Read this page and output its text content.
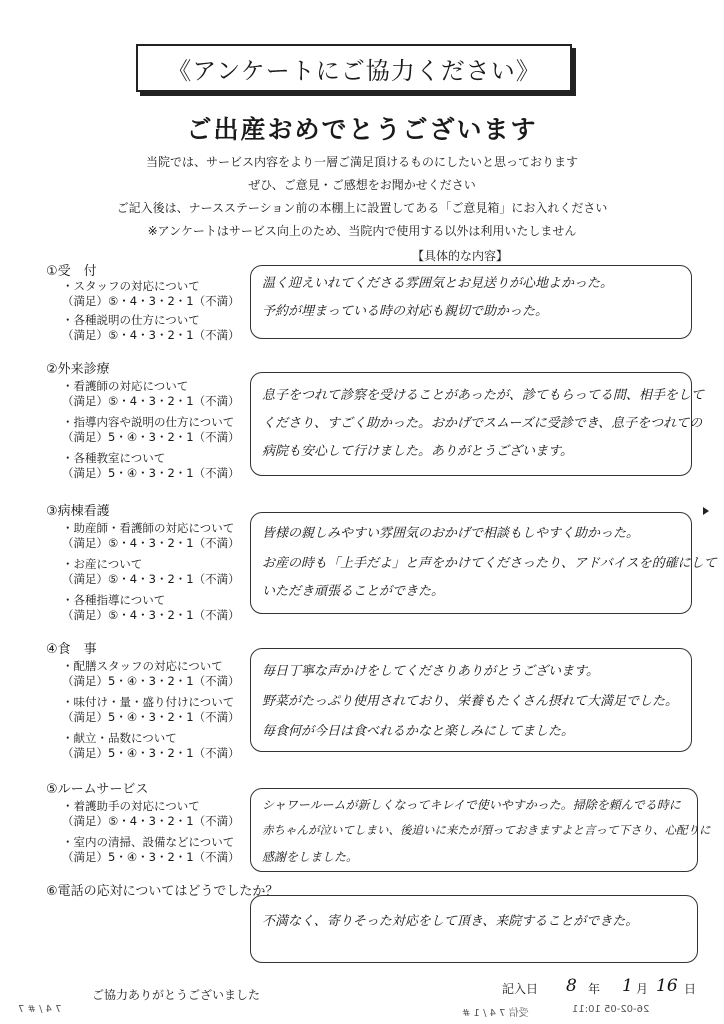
《アンケートにご協力ください》
ご出産おめでとうございます
当院では、サービス内容をより一層ご満足頂けるものにしたいと思っております
ぜひ、ご意見・ご感想をお聞かせください
ご記入後は、ナースステーション前の本棚上に設置してある「ご意見箱」にお入れください
※アンケートはサービス向上のため、当院内で使用する以外は利用いたしません
【具体的な内容】
①受　付
・スタッフの対応について
（満足）⑤・4・3・2・1（不満）
・各種説明の仕方について
（満足）⑤・4・3・2・1（不満）
温く迎えいれてくださる雰囲気とお見送りが心地よかった。
予約が埋まっている時の対応も親切で助かった。
②外来診療
・看護師の対応について
（満足）⑤・4・3・2・1（不満）
・指導内容や説明の仕方について
（満足）5・④・3・2・1（不満）
・各種教室について
（満足）5・④・3・2・1（不満）
息子をつれて診察を受けることがあったが、診てもらってる間、相手をして
くださり、すごく助かった。おかげでスムーズに受診でき、息子をつれての
病院も安心して行けました。ありがとうございます。
③病棟看護
・助産師・看護師の対応について
（満足）⑤・4・3・2・1（不満）
・お産について
（満足）⑤・4・3・2・1（不満）
・各種指導について
（満足）⑤・4・3・2・1（不満）
皆様の親しみやすい雰囲気のおかげで相談もしやすく助かった。
お産の時も「上手だよ」と声をかけてくださったり、アドバイスを的確にして
いただき頑張ることができた。
④食　事
・配膳スタッフの対応について
（満足）5・④・3・2・1（不満）
・味付け・量・盛り付けについて
（満足）5・④・3・2・1（不満）
・献立・品数について
（満足）5・④・3・2・1（不満）
毎日丁寧な声かけをしてくださりありがとうございます。
野菜がたっぷり使用されており、栄養もたくさん摂れて大満足でした。
毎食何が今日は食べれるかなと楽しみにしてました。
⑤ルームサービス
・着護助手の対応について
（満足）⑤・4・3・2・1（不満）
・室内の清掃、設備などについて
（満足）5・④・3・2・1（不満）
シャワールームが新しくなってキレイで使いやすかった。掃除を頼んでる時に
赤ちゃんが泣いてしまい、後追いに来たが預っておきますよと言って下さり、心配りに
感謝をしました。
⑥電話の応対についてはどうでしたか？
不満なく、寄りそった対応をして頂き、来院することができた。
ご協力ありがとうございました	記入日 8 年 1 月 16 日
受信 7 4 / 1 #	26-02-05 10:11
7 4 / # 7
